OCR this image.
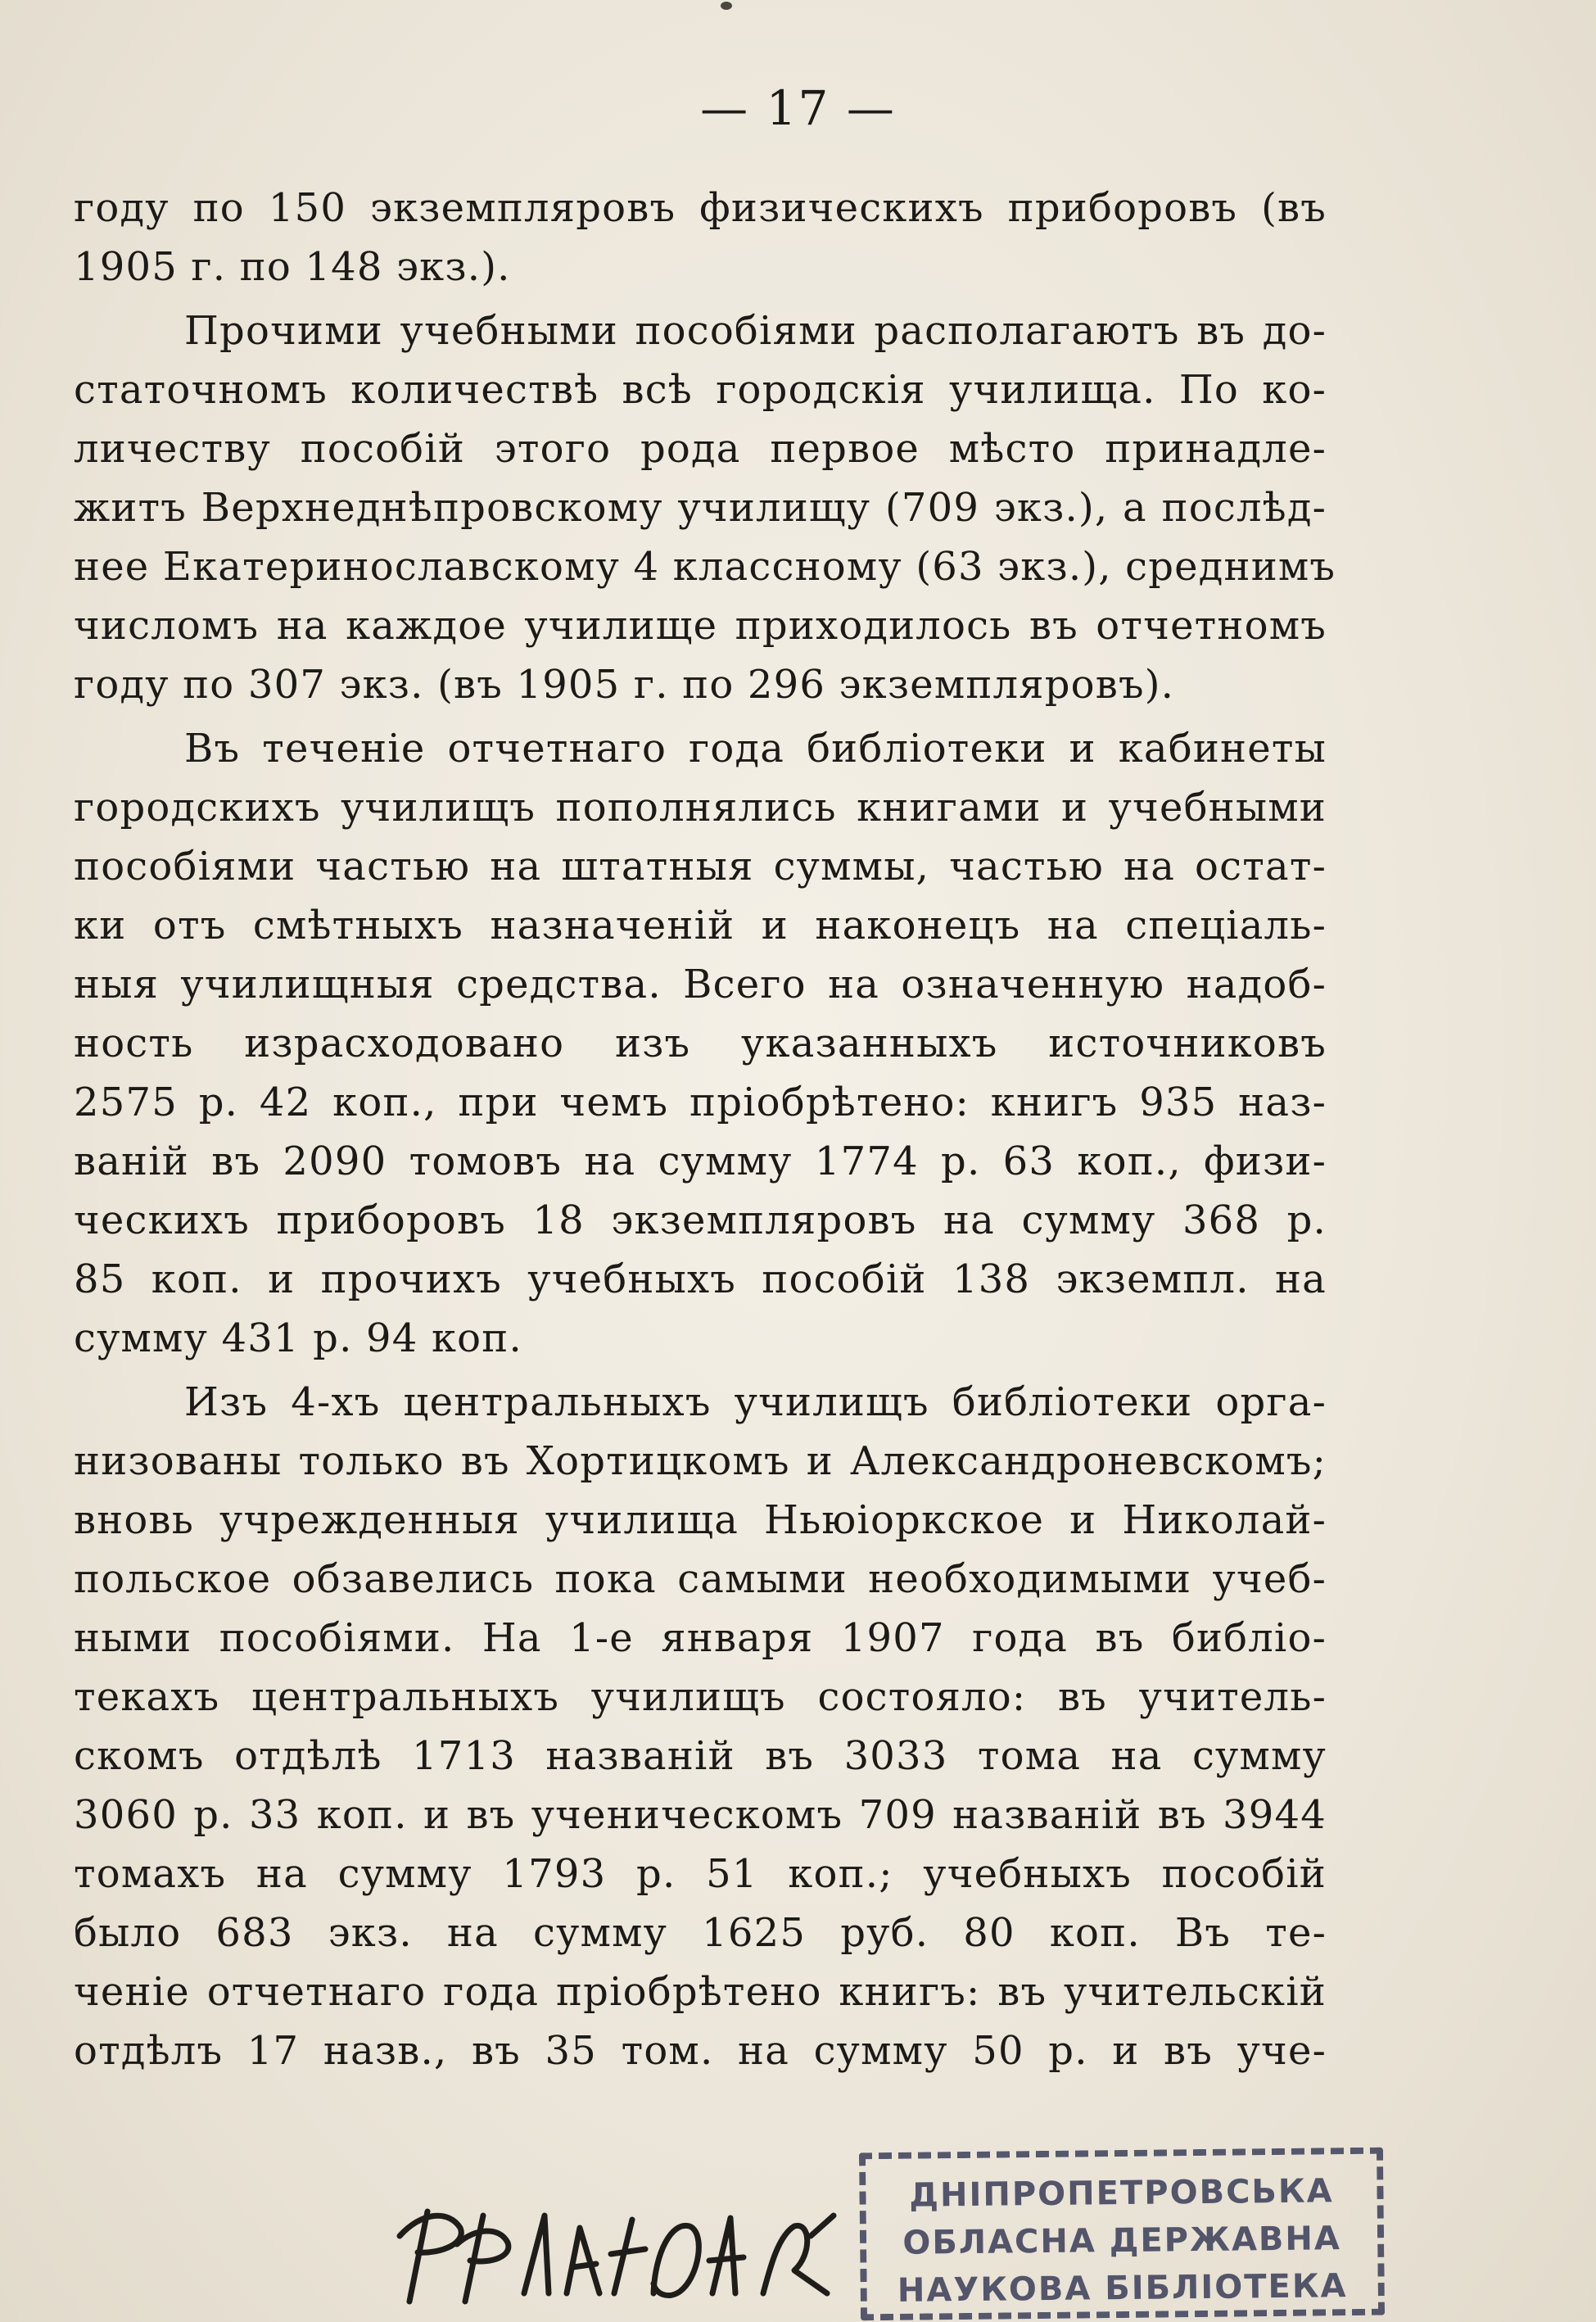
— 17 —
году по 150 экземпляровъ физическихъ приборовъ (въ
1905 г. по 148 экз.).
Прочими учебными пособіями располагаютъ въ до-
статочномъ количествѣ всѣ городскія училища. По ко-
личеству пособій этого рода первое мѣсто принадле-
житъ Верхнеднѣпровскому училищу (709 экз.), а послѣд-
нее Екатеринославскому 4 классному (63 экз.), среднимъ
числомъ на каждое училище приходилось въ отчетномъ
году по 307 экз. (въ 1905 г. по 296 экземпляровъ).
Въ теченіе отчетнаго года библіотеки и кабинеты
городскихъ училищъ пополнялись книгами и учебными
пособіями частью на штатныя суммы, частью на остат-
ки отъ смѣтныхъ назначеній и наконецъ на спеціаль-
ныя училищныя средства. Всего на означенную надоб-
ность израсходовано изъ указанныхъ источниковъ
2575 р. 42 коп., при чемъ пріобрѣтено: книгъ 935 наз-
ваній въ 2090 томовъ на сумму 1774 р. 63 коп., физи-
ческихъ приборовъ 18 экземпляровъ на сумму 368 р.
85 коп. и прочихъ учебныхъ пособій 138 экземпл. на
сумму 431 р. 94 коп.
Изъ 4-хъ центральныхъ училищъ библіотеки орга-
низованы только въ Хортицкомъ и Александроневскомъ;
вновь учрежденныя училища Ньюіоркское и Николай-
польское обзавелись пока самыми необходимыми учеб-
ными пособіями. На 1-е января 1907 года въ библіо-
текахъ центральныхъ училищъ состояло: въ учитель-
скомъ отдѣлѣ 1713 названій въ 3033 тома на сумму
3060 р. 33 коп. и въ ученическомъ 709 названій въ 3944
томахъ на сумму 1793 р. 51 коп.; учебныхъ пособій
было 683 экз. на сумму 1625 руб. 80 коп. Въ те-
ченіе отчетнаго года пріобрѣтено книгъ: въ учительскій
отдѣлъ 17 назв., въ 35 том. на сумму 50 р. и въ уче-
ДНІПРОПЕТРОВСЬКА
ОБЛАСНА ДЕРЖАВНА
НАУКОВА БІБЛІОТЕКА
